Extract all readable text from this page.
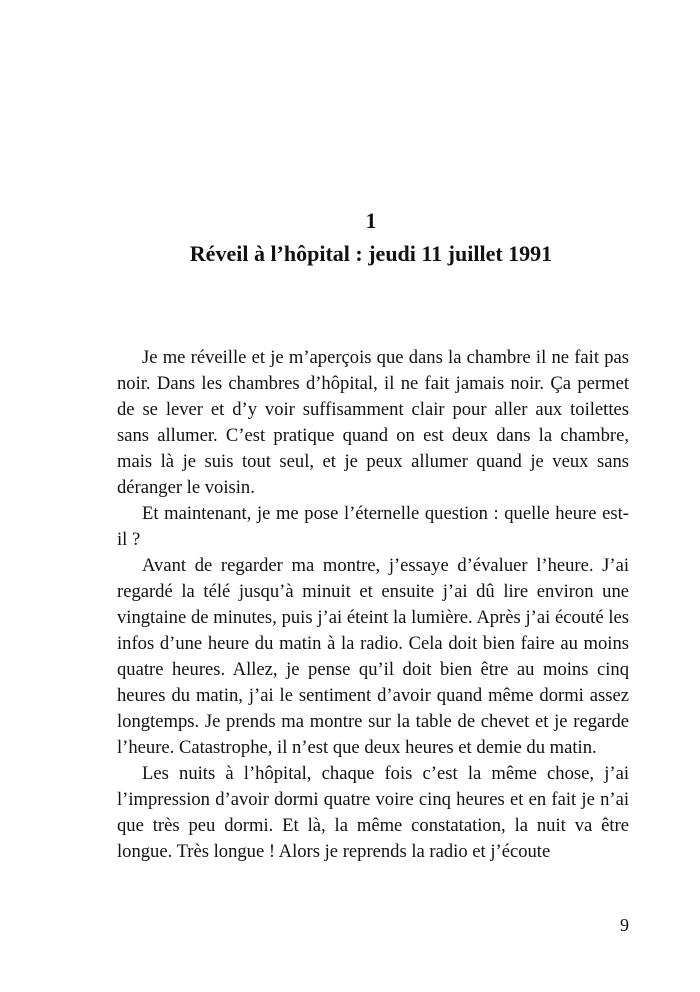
1
Réveil à l’hôpital : jeudi 11 juillet 1991

Je me réveille et je m’aperçois que dans la chambre il ne fait pas noir. Dans les chambres d’hôpital, il ne fait jamais noir. Ça permet de se lever et d’y voir suffisamment clair pour aller aux toilettes sans allumer. C’est pratique quand on est deux dans la chambre, mais là je suis tout seul, et je peux allumer quand je veux sans déranger le voisin.

Et maintenant, je me pose l’éternelle question : quelle heure est-il ?

Avant de regarder ma montre, j’essaye d’évaluer l’heure. J’ai regardé la télé jusqu’à minuit et ensuite j’ai dû lire environ une vingtaine de minutes, puis j’ai éteint la lumière. Après j’ai écouté les infos d’une heure du matin à la radio. Cela doit bien faire au moins quatre heures. Allez, je pense qu’il doit bien être au moins cinq heures du matin, j’ai le sentiment d’avoir quand même dormi assez longtemps. Je prends ma montre sur la table de chevet et je regarde l’heure. Catastrophe, il n’est que deux heures et demie du matin.

Les nuits à l’hôpital, chaque fois c’est la même chose, j’ai l’impression d’avoir dormi quatre voire cinq heures et en fait je n’ai que très peu dormi. Et là, la même constatation, la nuit va être longue. Très longue ! Alors je reprends la radio et j’écoute

9
